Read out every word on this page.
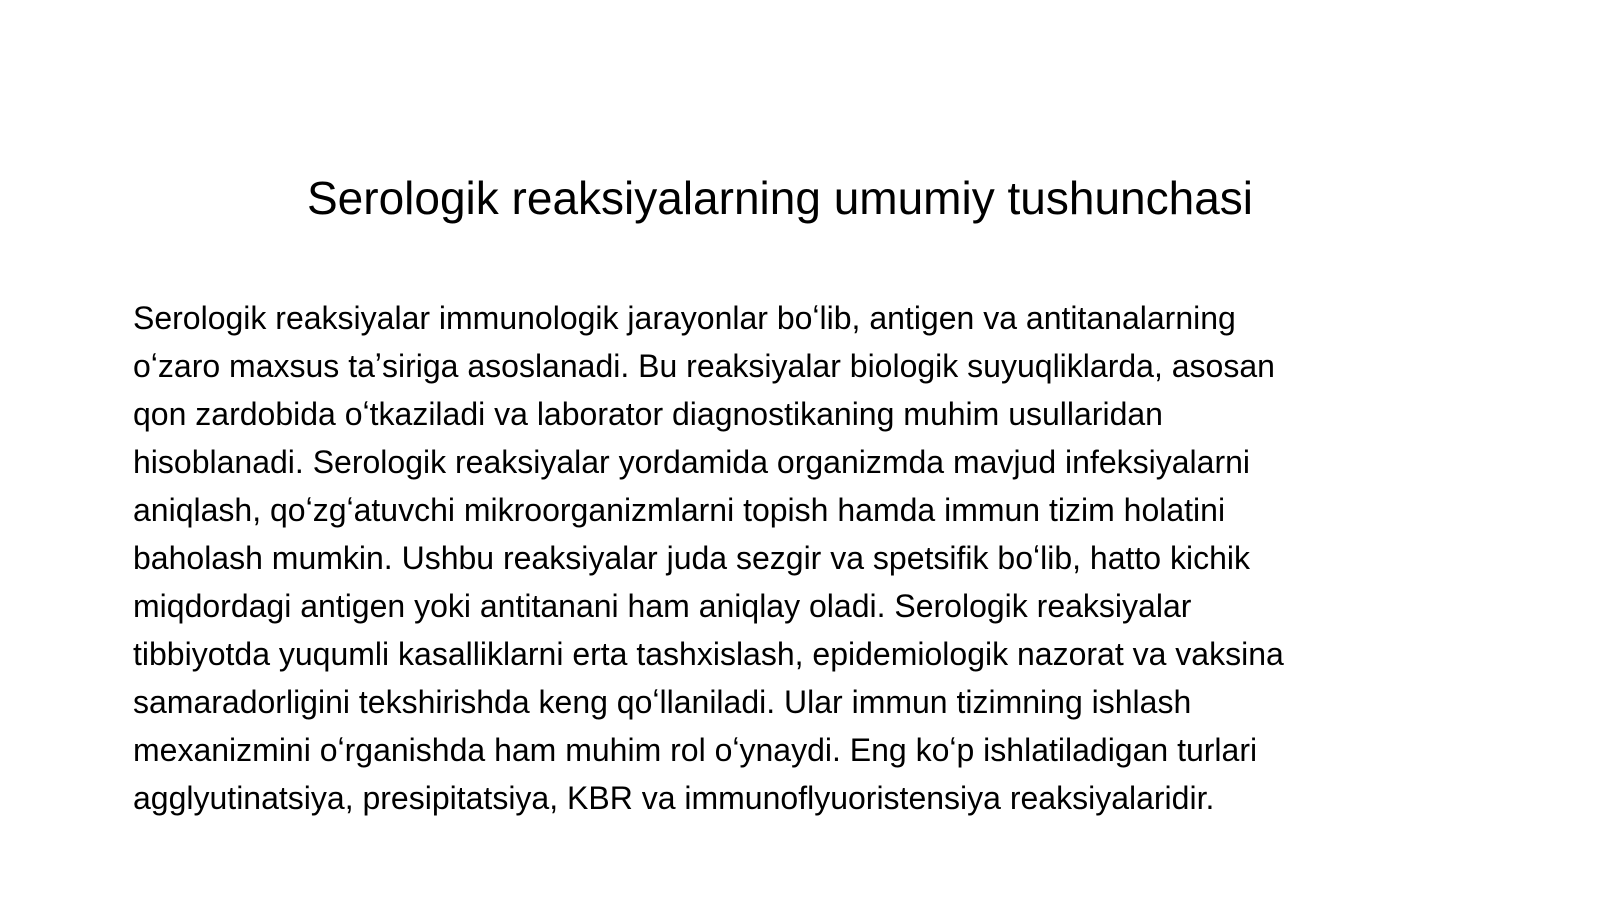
Serologik reaksiyalarning umumiy tushunchasi

Serologik reaksiyalar immunologik jarayonlar boʻlib, antigen va antitanalarning
oʻzaro maxsus taʼsiriga asoslanadi. Bu reaksiyalar biologik suyuqliklarda, asosan
qon zardobida oʻtkaziladi va laborator diagnostikaning muhim usullaridan
hisoblanadi. Serologik reaksiyalar yordamida organizmda mavjud infeksiyalarni
aniqlash, qoʻzgʻatuvchi mikroorganizmlarni topish hamda immun tizim holatini
baholash mumkin. Ushbu reaksiyalar juda sezgir va spetsifik boʻlib, hatto kichik
miqdordagi antigen yoki antitanani ham aniqlay oladi. Serologik reaksiyalar
tibbiyotda yuqumli kasalliklarni erta tashxislash, epidemiologik nazorat va vaksina
samaradorligini tekshirishda keng qoʻllaniladi. Ular immun tizimning ishlash
mexanizmini oʻrganishda ham muhim rol oʻynaydi. Eng koʻp ishlatiladigan turlari
agglyutinatsiya, presipitatsiya, KBR va immunoflyuoristensiya reaksiyalaridir.
